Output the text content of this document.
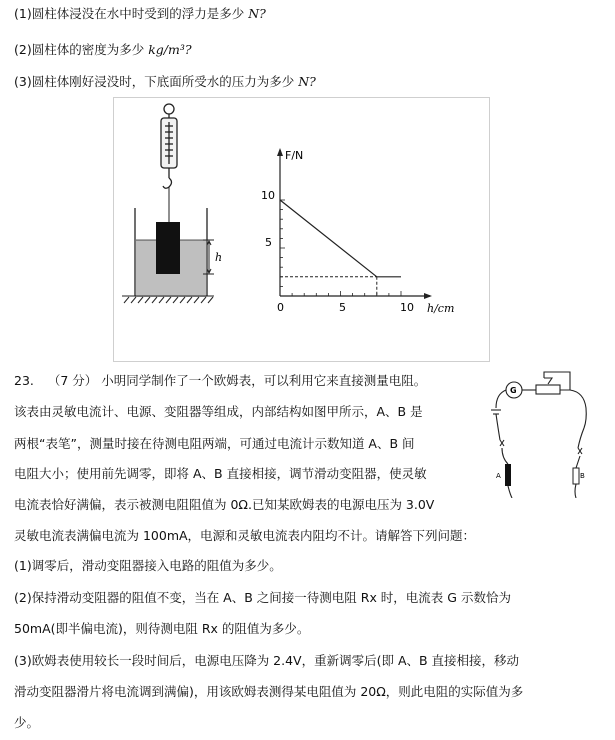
(1)圆柱体浸没在水中时受到的浮力是多少 N?
(2)圆柱体的密度为多少 kg/m³?
(3)圆柱体刚好浸没时，下底面所受水的压力为多少 N?
h
F/N
h/cm
10
5
0	5	10
23. （7 分） 小明同学制作了一个欧姆表，可以利用它来直接测量电阻。
该表由灵敏电流计、电源、变阻器等组成，内部结构如图甲所示，A、B 是
两根“表笔”，测量时接在待测电阻两端，可通过电流计示数知道 A、B 间
电阻大小；使用前先调零，即将 A、B 直接相接，调节滑动变阻器，使灵敏
电流表恰好满偏，表示被测电阻阻值为 0Ω.已知某欧姆表的电源电压为 3.0V
灵敏电流表满偏电流为 100mA，电源和灵敏电流表内阻均不计。请解答下列问题：
(1)调零后，滑动变阻器接入电路的阻值为多少。
(2)保持滑动变阻器的阻值不变，当在 A、B 之间接一待测电阻 Rx 时，电流表 G 示数恰为
50mA(即半偏电流)，则待测电阻 Rx 的阻值为多少。
(3)欧姆表使用较长一段时间后，电源电压降为 2.4V，重新调零后(即 A、B 直接相接，移动
滑动变阻器滑片将电流调到满偏)，用该欧姆表测得某电阻值为 20Ω，则此电阻的实际值为多
少。
G
A	B
